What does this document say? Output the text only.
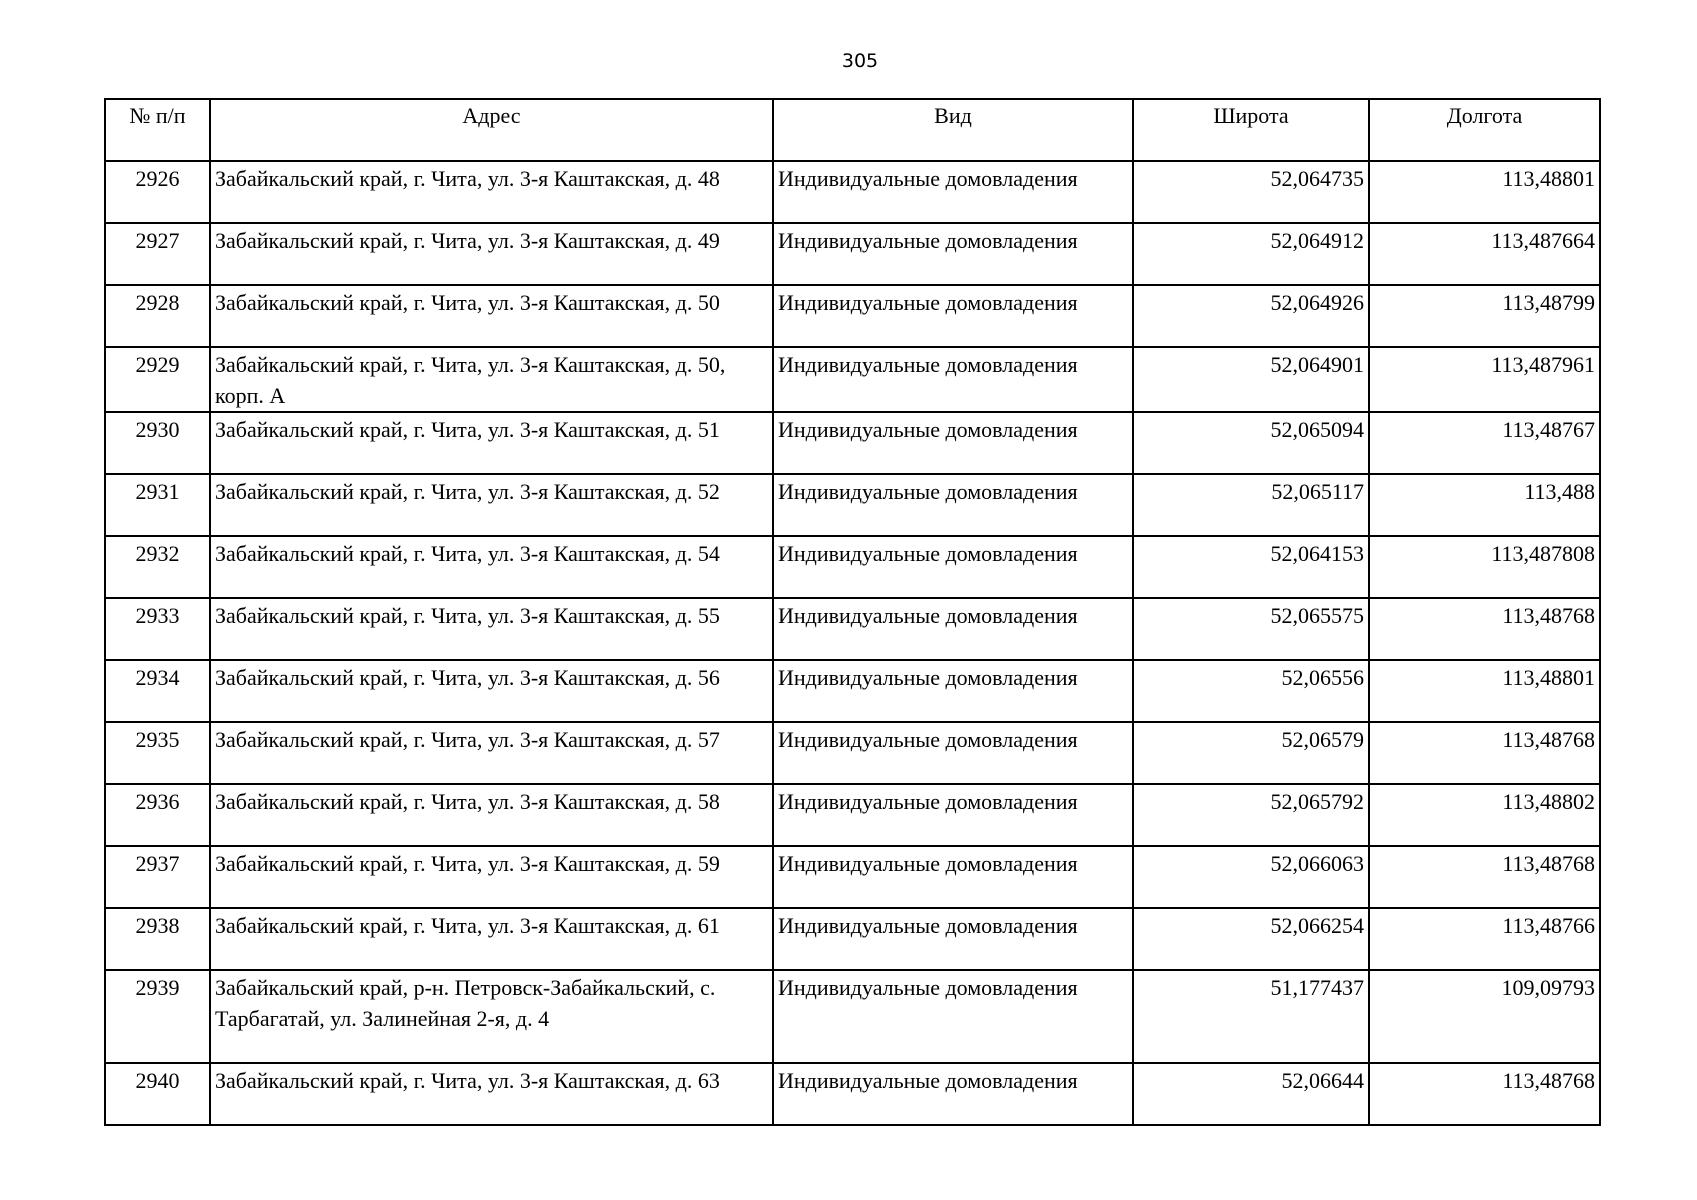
305
№ п/п	Адрес	Вид	Широта	Долгота
2926	Забайкальский край, г. Чита, ул. 3-я Каштакская, д. 48	Индивидуальные домовладения	52,064735	113,48801
2927	Забайкальский край, г. Чита, ул. 3-я Каштакская, д. 49	Индивидуальные домовладения	52,064912	113,487664
2928	Забайкальский край, г. Чита, ул. 3-я Каштакская, д. 50	Индивидуальные домовладения	52,064926	113,48799
2929	Забайкальский край, г. Чита, ул. 3-я Каштакская, д. 50, корп. А	Индивидуальные домовладения	52,064901	113,487961
2930	Забайкальский край, г. Чита, ул. 3-я Каштакская, д. 51	Индивидуальные домовладения	52,065094	113,48767
2931	Забайкальский край, г. Чита, ул. 3-я Каштакская, д. 52	Индивидуальные домовладения	52,065117	113,488
2932	Забайкальский край, г. Чита, ул. 3-я Каштакская, д. 54	Индивидуальные домовладения	52,064153	113,487808
2933	Забайкальский край, г. Чита, ул. 3-я Каштакская, д. 55	Индивидуальные домовладения	52,065575	113,48768
2934	Забайкальский край, г. Чита, ул. 3-я Каштакская, д. 56	Индивидуальные домовладения	52,06556	113,48801
2935	Забайкальский край, г. Чита, ул. 3-я Каштакская, д. 57	Индивидуальные домовладения	52,06579	113,48768
2936	Забайкальский край, г. Чита, ул. 3-я Каштакская, д. 58	Индивидуальные домовладения	52,065792	113,48802
2937	Забайкальский край, г. Чита, ул. 3-я Каштакская, д. 59	Индивидуальные домовладения	52,066063	113,48768
2938	Забайкальский край, г. Чита, ул. 3-я Каштакская, д. 61	Индивидуальные домовладения	52,066254	113,48766
2939	Забайкальский край, р-н. Петровск-Забайкальский, с. Тарбагатай, ул. Залинейная 2-я, д. 4	Индивидуальные домовладения	51,177437	109,09793
2940	Забайкальский край, г. Чита, ул. 3-я Каштакская, д. 63	Индивидуальные домовладения	52,06644	113,48768
